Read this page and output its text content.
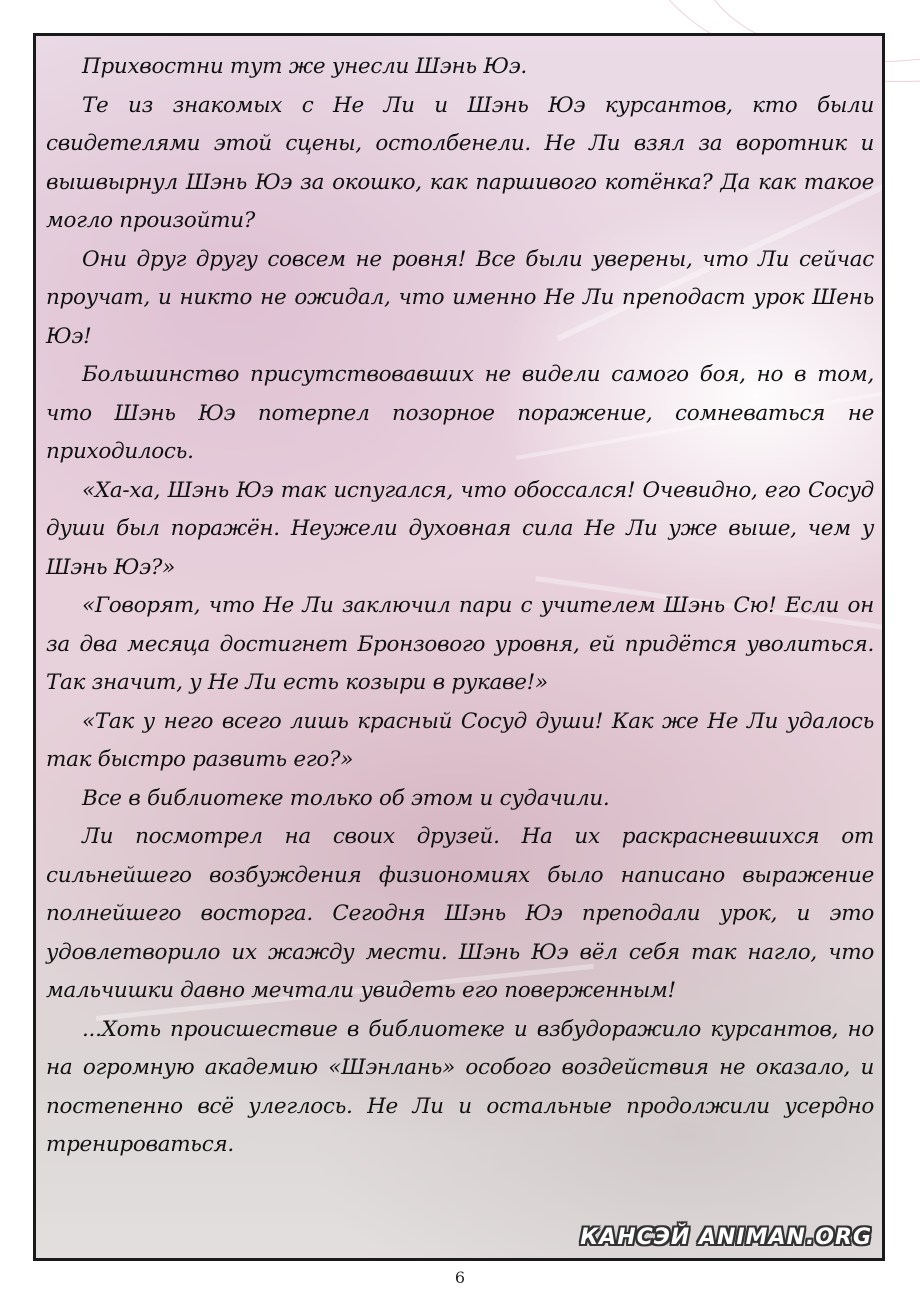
Прихвостни тут же унесли Шэнь Юэ.

Те из знакомых с Не Ли и Шэнь Юэ курсантов, кто были свидетелями этой сцены, остолбенели. Не Ли взял за воротник и вышвырнул Шэнь Юэ за окошко, как паршивого котёнка? Да как такое могло произойти?

Они друг другу совсем не ровня! Все были уверены, что Ли сейчас проучат, и никто не ожидал, что именно Не Ли преподаст урок Шень Юэ!

Большинство присутствовавших не видели самого боя, но в том, что Шэнь Юэ потерпел позорное поражение, сомневаться не приходилось.

«Ха-ха, Шэнь Юэ так испугался, что обоссался! Очевидно, его Сосуд души был поражён. Неужели духовная сила Не Ли уже выше, чем у Шэнь Юэ?»

«Говорят, что Не Ли заключил пари с учителем Шэнь Сю! Если он за два месяца достигнет Бронзового уровня, ей придётся уволиться. Так значит, у Не Ли есть козыри в рукаве!»

«Так у него всего лишь красный Сосуд души! Как же Не Ли удалось так быстро развить его?»

Все в библиотеке только об этом и судачили.

Ли посмотрел на своих друзей. На их раскрасневшихся от сильнейшего возбуждения физиономиях было написано выражение полнейшего восторга. Сегодня Шэнь Юэ преподали урок, и это удовлетворило их жажду мести. Шэнь Юэ вёл себя так нагло, что мальчишки давно мечтали увидеть его поверженным!

...Хоть происшествие в библиотеке и взбудоражило курсантов, но на огромную академию «Шэнлань» особого воздействия не оказало, и постепенно всё улеглось. Не Ли и остальные продолжили усердно тренироваться.

КАНСЭЙ ANIMAN.ORG
6
